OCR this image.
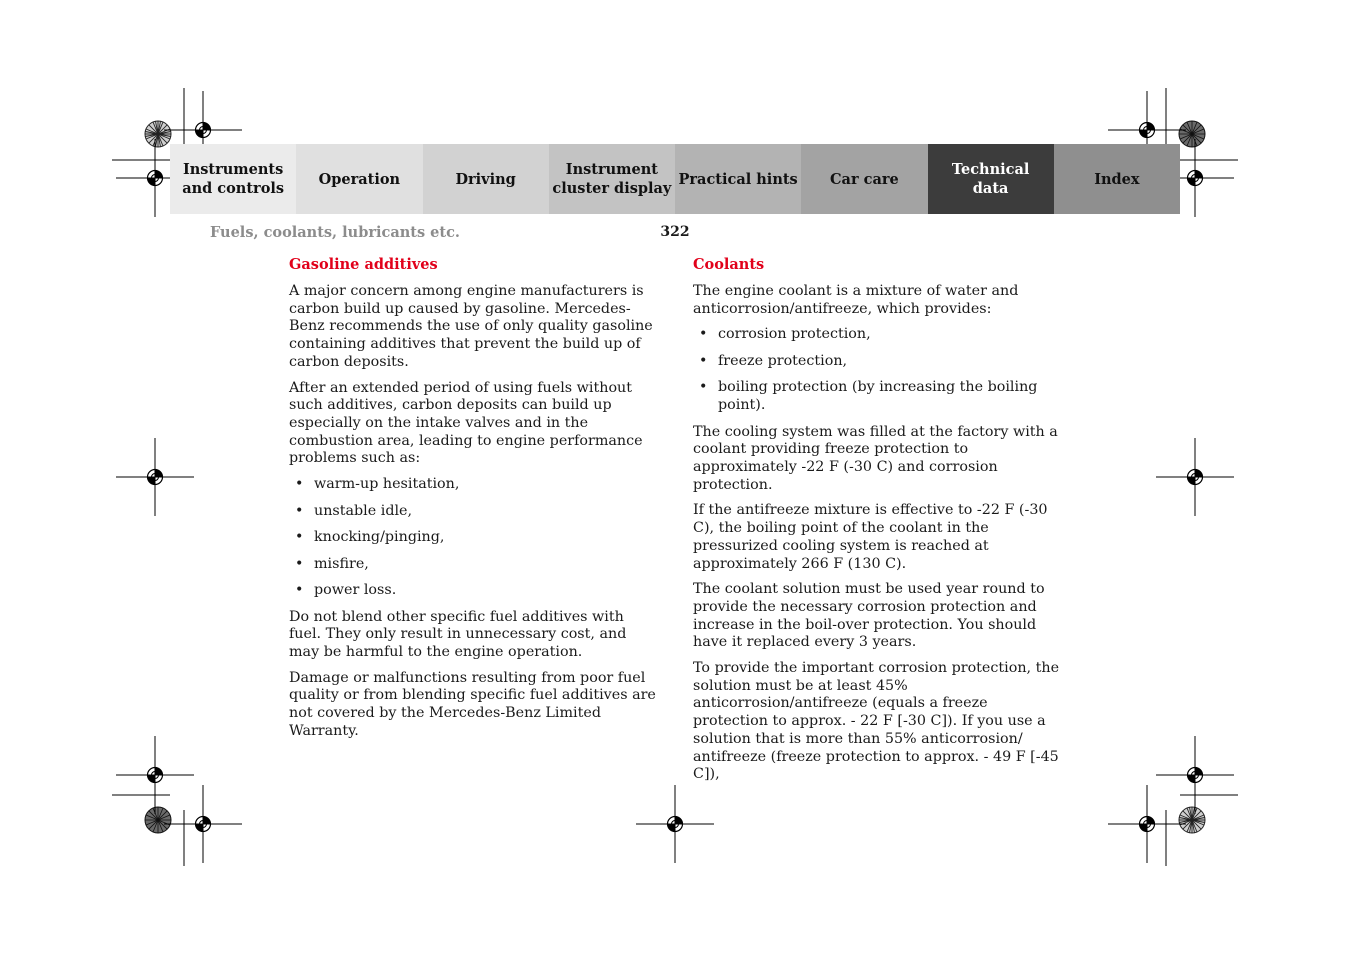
Instruments
and controls
Operation	Driving
Instrument
cluster display
Practical hints	Car care
Technical
data
Index
Fuels, coolants, lubricants etc.	322
Gasoline additives

A major concern among engine manufacturers is carbon build up caused by gasoline. Mercedes-Benz recommends the use of only quality gasoline containing additives that prevent the build up of carbon deposits.

After an extended period of using fuels without such additives, carbon deposits can build up especially on the intake valves and in the combustion area, leading to engine performance problems such as:

• warm-up hesitation,
• unstable idle,
• knocking/pinging,
• misfire,
• power loss.

Do not blend other specific fuel additives with fuel. They only result in unnecessary cost, and may be harmful to the engine operation.

Damage or malfunctions resulting from poor fuel quality or from blending specific fuel additives are not covered by the Mercedes-Benz Limited Warranty.

Coolants

The engine coolant is a mixture of water and anticorrosion/antifreeze, which provides:

• corrosion protection,
• freeze protection,
• boiling protection (by increasing the boiling point).

The cooling system was filled at the factory with a coolant providing freeze protection to approximately -22 F (-30 C) and corrosion protection.

If the antifreeze mixture is effective to -22 F (-30 C), the boiling point of the coolant in the pressurized cooling system is reached at approximately 266 F (130 C).

The coolant solution must be used year round to provide the necessary corrosion protection and increase in the boil-over protection. You should have it replaced every 3 years.

To provide the important corrosion protection, the solution must be at least 45% anticorrosion/antifreeze (equals a freeze protection to approx. - 22 F [-30 C]). If you use a solution that is more than 55% anticorrosion/ antifreeze (freeze protection to approx. - 49 F [-45 C]),
